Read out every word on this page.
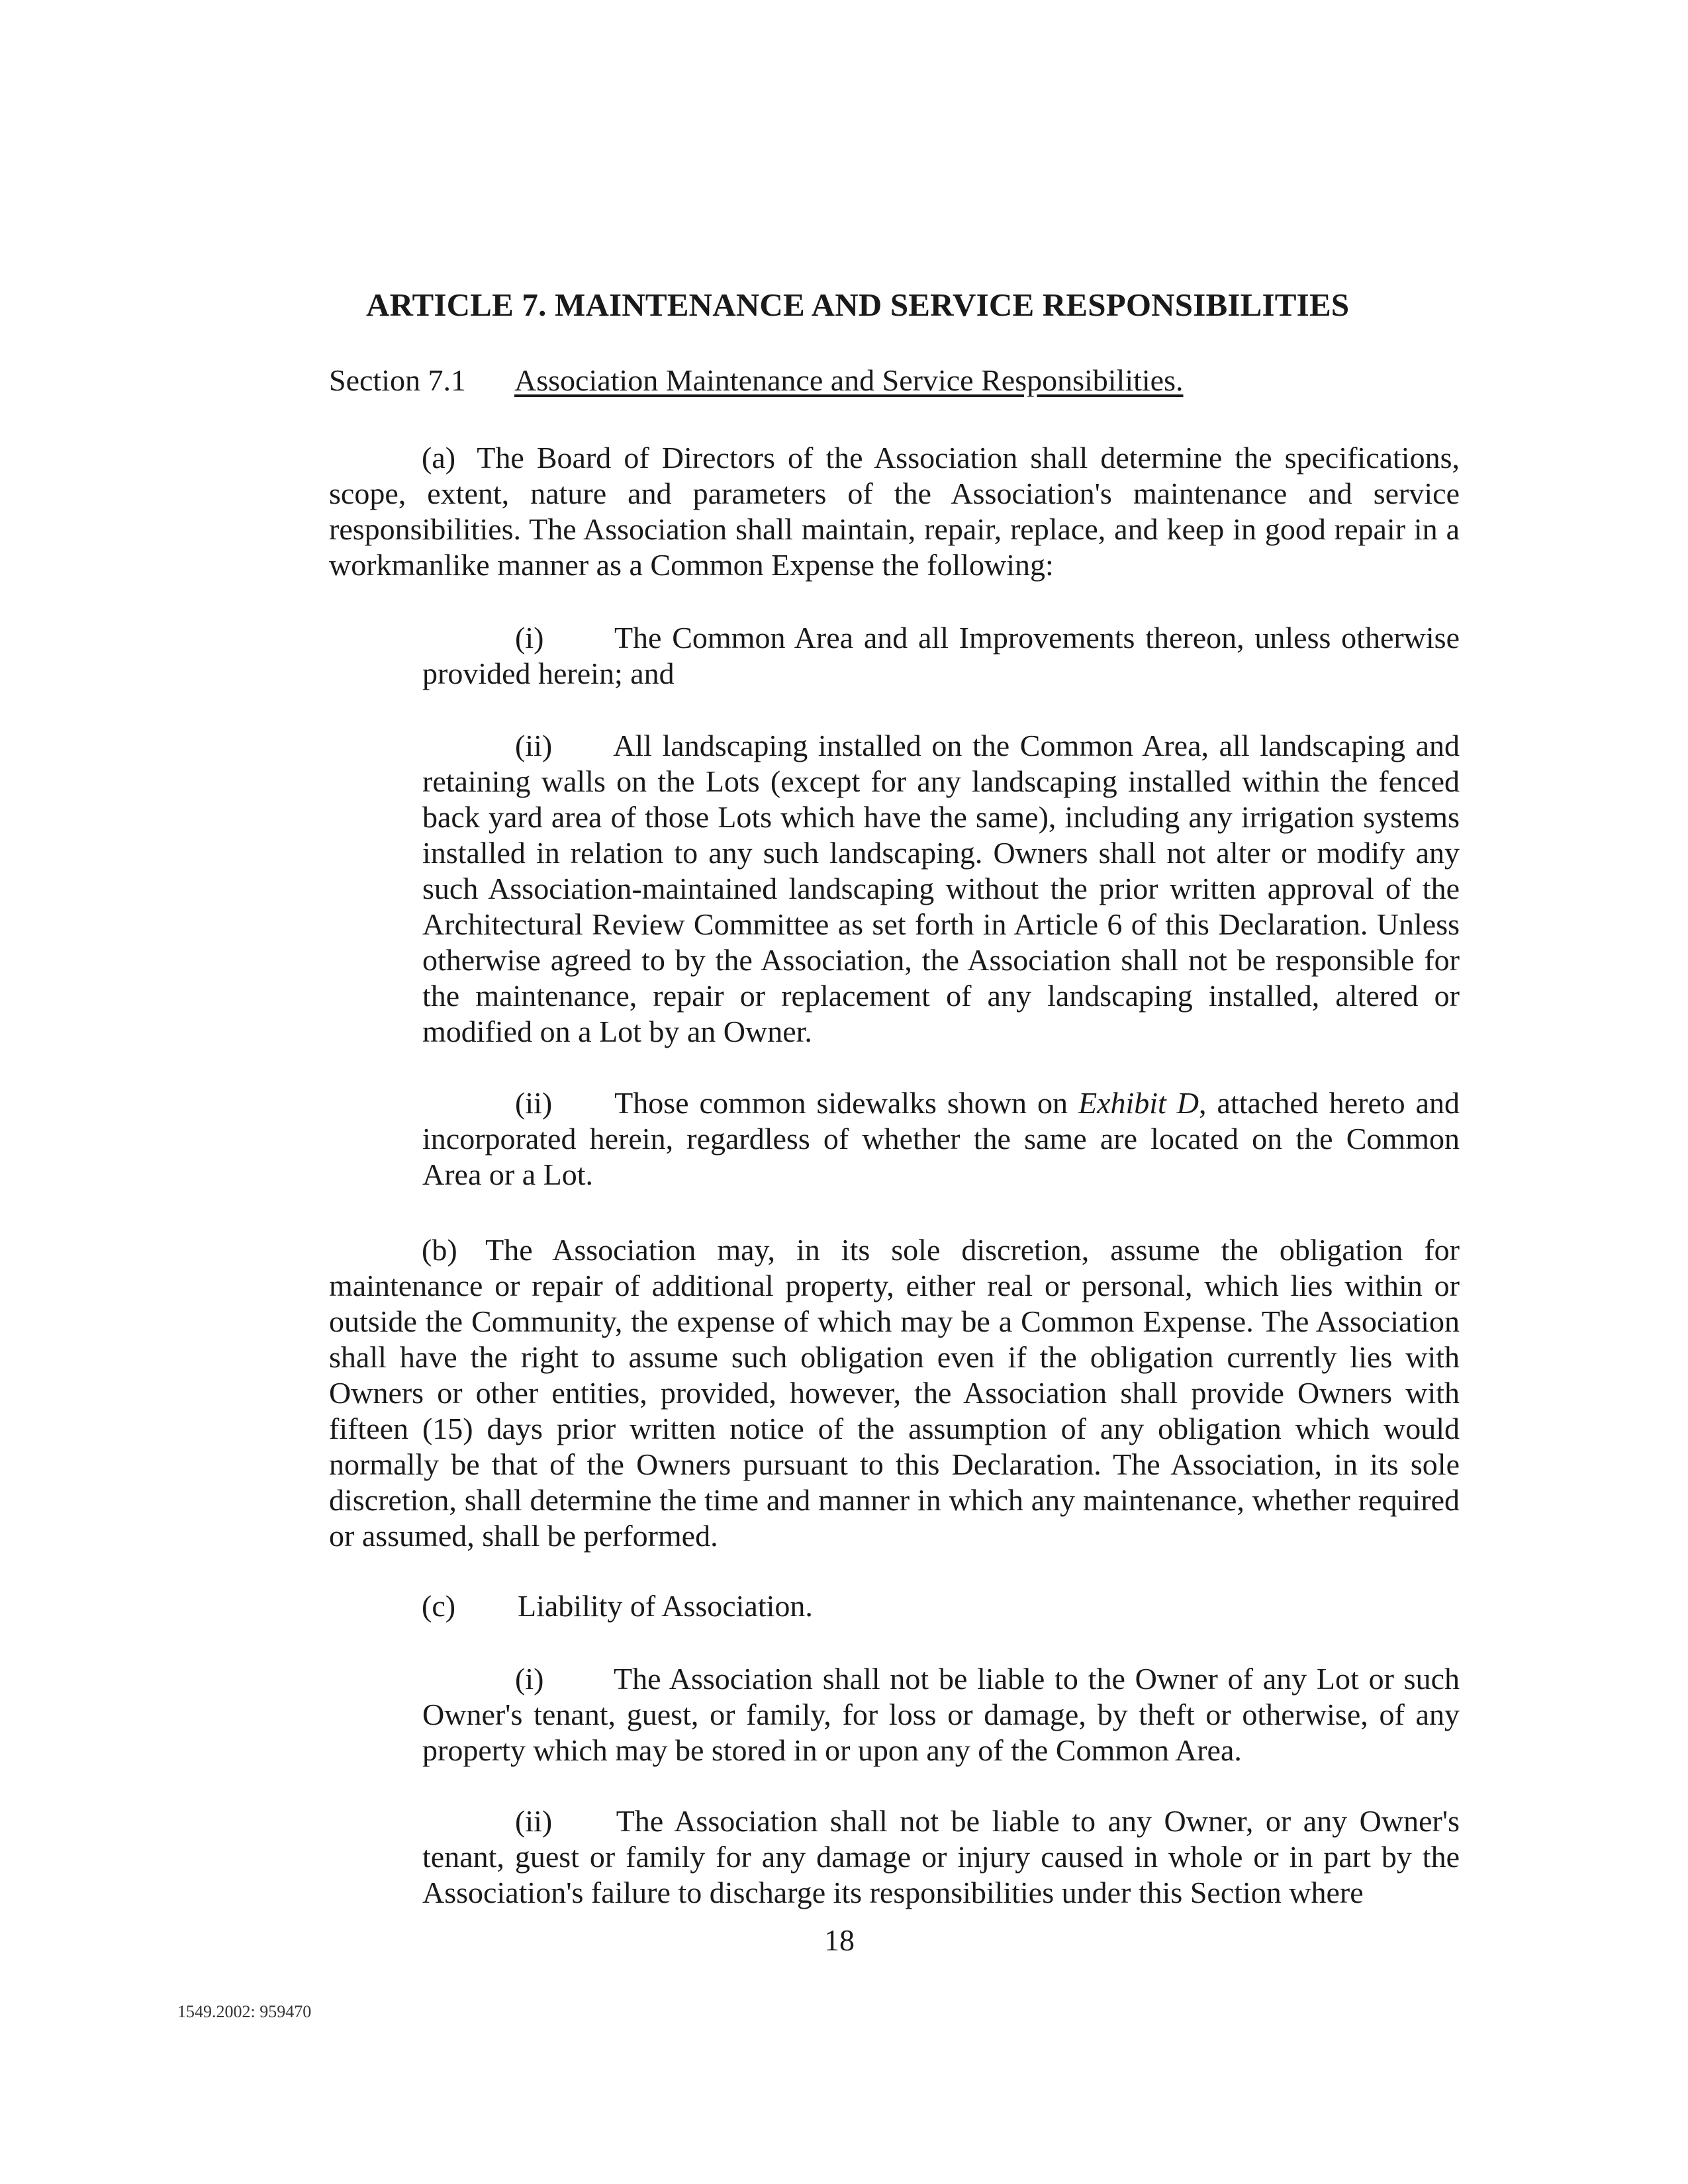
ARTICLE 7. MAINTENANCE AND SERVICE RESPONSIBILITIES
Section 7.1 Association Maintenance and Service Responsibilities.
(a) The Board of Directors of the Association shall determine the specifications, scope, extent, nature and parameters of the Association's maintenance and service responsibilities. The Association shall maintain, repair, replace, and keep in good repair in a workmanlike manner as a Common Expense the following:
(i) The Common Area and all Improvements thereon, unless otherwise provided herein; and
(ii) All landscaping installed on the Common Area, all landscaping and retaining walls on the Lots (except for any landscaping installed within the fenced back yard area of those Lots which have the same), including any irrigation systems installed in relation to any such landscaping. Owners shall not alter or modify any such Association-maintained landscaping without the prior written approval of the Architectural Review Committee as set forth in Article 6 of this Declaration. Unless otherwise agreed to by the Association, the Association shall not be responsible for the maintenance, repair or replacement of any landscaping installed, altered or modified on a Lot by an Owner.
(ii) Those common sidewalks shown on Exhibit D, attached hereto and incorporated herein, regardless of whether the same are located on the Common Area or a Lot.
(b) The Association may, in its sole discretion, assume the obligation for maintenance or repair of additional property, either real or personal, which lies within or outside the Community, the expense of which may be a Common Expense. The Association shall have the right to assume such obligation even if the obligation currently lies with Owners or other entities, provided, however, the Association shall provide Owners with fifteen (15) days prior written notice of the assumption of any obligation which would normally be that of the Owners pursuant to this Declaration. The Association, in its sole discretion, shall determine the time and manner in which any maintenance, whether required or assumed, shall be performed.
(c) Liability of Association.
(i) The Association shall not be liable to the Owner of any Lot or such Owner's tenant, guest, or family, for loss or damage, by theft or otherwise, of any property which may be stored in or upon any of the Common Area.
(ii) The Association shall not be liable to any Owner, or any Owner's tenant, guest or family for any damage or injury caused in whole or in part by the Association's failure to discharge its responsibilities under this Section where
18
1549.2002: 959470
